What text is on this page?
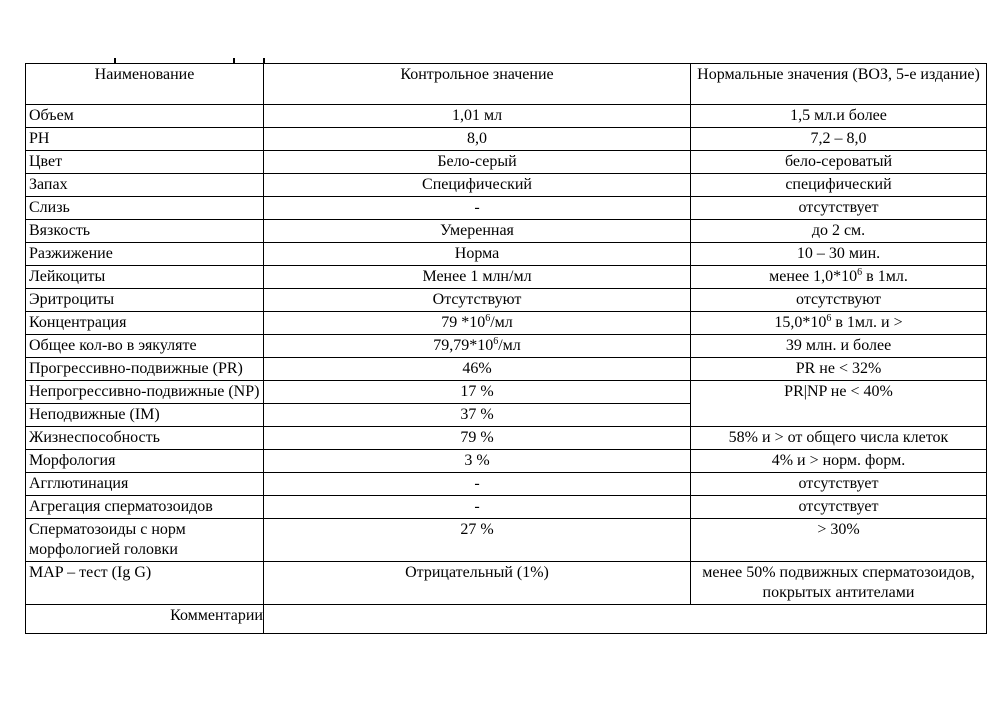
Наименование	Контрольное значение	Нормальные значения (ВОЗ, 5-е издание)
Объем	1,01 мл	1,5 мл.и более
PH	8,0	7,2 – 8,0
Цвет	Бело-серый	бело-сероватый
Запах	Специфический	специфический
Слизь	-	отсутствует
Вязкость	Умеренная	до 2 см.
Разжижение	Норма	10 – 30 мин.
Лейкоциты	Менее 1 млн/мл	менее $1,0*10^6$ в 1мл.
Эритроциты	Отсутствуют	отсутствуют
Концентрация	79 $*10^6/мл$	$15,0*10^6$ в 1мл. и >
Общее кол-во в эякуляте	$79,79*10^6/мл$	39 млн. и более
Прогрессивно-подвижные (PR)	46%	PR не < 32%
Непрогрессивно-подвижные (NP)	17 %	PR|NP не < 40%
Неподвижные (IM)	37 %	
Жизнеспособность	79 %	58% и > от общего числа клеток
Морфология	3 %	4% и > норм. форм.
Агглютинация	-	отсутствует
Агрегация сперматозоидов	-	отсутствует
Сперматозоиды с норм морфологией головки	27 %	> 30%
MAP – тест (Ig G)	Отрицательный (1%)	менее 50% подвижных сперматозоидов, покрытых антителами
Комментарии		
